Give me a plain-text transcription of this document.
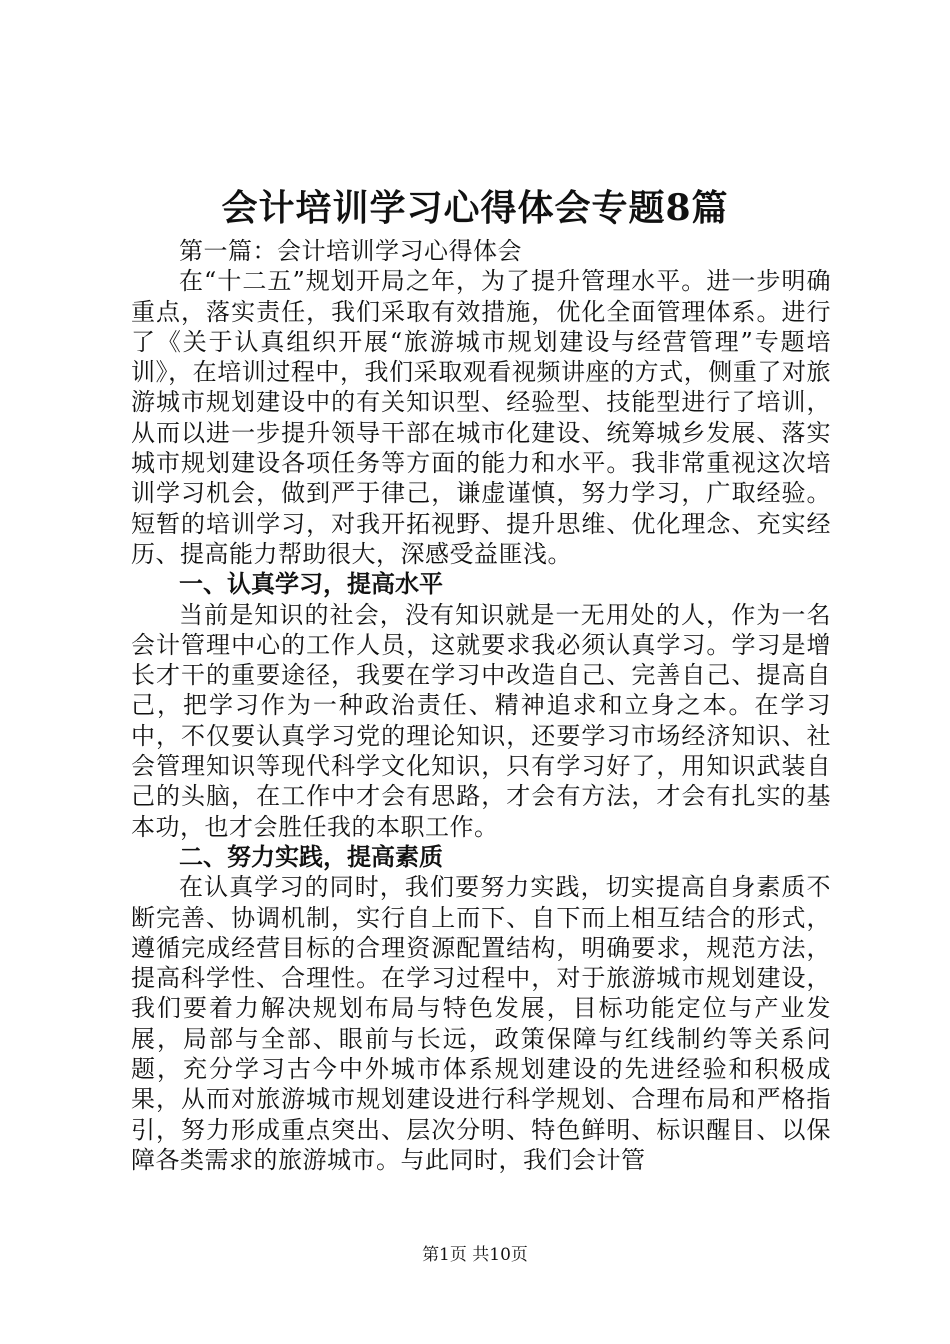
会计培训学习心得体会专题8篇

第一篇：会计培训学习心得体会

在“十二五”规划开局之年，为了提升管理水平。进一步明确重点，落实责任，我们采取有效措施，优化全面管理体系。进行了《关于认真组织开展“旅游城市规划建设与经营管理”专题培训》，在培训过程中，我们采取观看视频讲座的方式，侧重了对旅游城市规划建设中的有关知识型、经验型、技能型进行了培训，从而以进一步提升领导干部在城市化建设、统筹城乡发展、落实城市规划建设各项任务等方面的能力和水平。我非常重视这次培训学习机会，做到严于律己，谦虚谨慎，努力学习，广取经验。短暂的培训学习，对我开拓视野、提升思维、优化理念、充实经历、提高能力帮助很大，深感受益匪浅。

一、认真学习，提高水平

当前是知识的社会，没有知识就是一无用处的人，作为一名会计管理中心的工作人员，这就要求我必须认真学习。学习是增长才干的重要途径，我要在学习中改造自己、完善自己、提高自己，把学习作为一种政治责任、精神追求和立身之本。在学习中，不仅要认真学习党的理论知识，还要学习市场经济知识、社会管理知识等现代科学文化知识，只有学习好了，用知识武装自己的头脑，在工作中才会有思路，才会有方法，才会有扎实的基本功，也才会胜任我的本职工作。

二、努力实践，提高素质

在认真学习的同时，我们要努力实践，切实提高自身素质不断完善、协调机制，实行自上而下、自下而上相互结合的形式，遵循完成经营目标的合理资源配置结构，明确要求，规范方法，提高科学性、合理性。在学习过程中，对于旅游城市规划建设，我们要着力解决规划布局与特色发展，目标功能定位与产业发展，局部与全部、眼前与长远，政策保障与红线制约等关系问题，充分学习古今中外城市体系规划建设的先进经验和积极成果，从而对旅游城市规划建设进行科学规划、合理布局和严格指引，努力形成重点突出、层次分明、特色鲜明、标识醒目、以保障各类需求的旅游城市。与此同时，我们会计管

第1页 共10页
